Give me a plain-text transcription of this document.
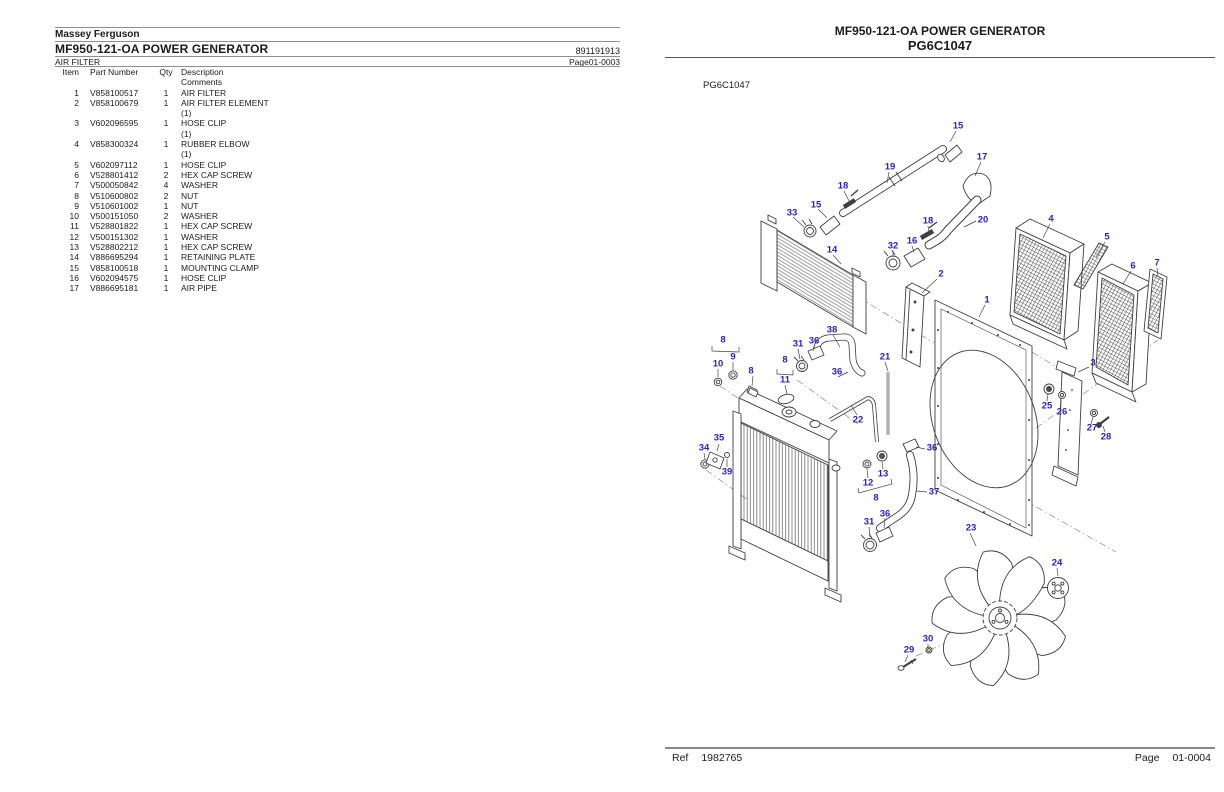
Massey Ferguson
MF950-121-OA POWER GENERATOR	891191913
AIR FILTER	Page01-0003
Item	Part Number	Qty	Description
Comments

1	V858100517	1	AIR FILTER

2	V858100679	1	AIR FILTER ELEMENT
(1)

3	V602096595	1	HOSE CLIP
(1)

4	V858300324	1	RUBBER ELBOW
(1)

5	V602097112	1	HOSE CLIP

6	V528801412	2	HEX CAP SCREW

7	V500050842	4	WASHER

8	V510600802	2	NUT

9	V510601002	1	NUT

10	V500151050	2	WASHER

11	V528801822	1	HEX CAP SCREW

12	V500151302	1	WASHER

13	V528802212	1	HEX CAP SCREW

14	V886695294	1	RETAINING PLATE

15	V858100518	1	MOUNTING CLAMP

16	V602094575	1	HOSE CLIP

17	V886695181	1	AIR PIPE
MF950-121-OA POWER GENERATOR
PG6C1047
PG6C1047
15
17
19
18
15
33
20
18
16
32
14
4
5
6 7
2
1
38
8	36
31
9	21
8	3
10
8	36
11
25
26
22
27
28
35
34	36
39	13
12
37
8
36
31
23
24
30
29
Ref 1982765	Page 01-0004
